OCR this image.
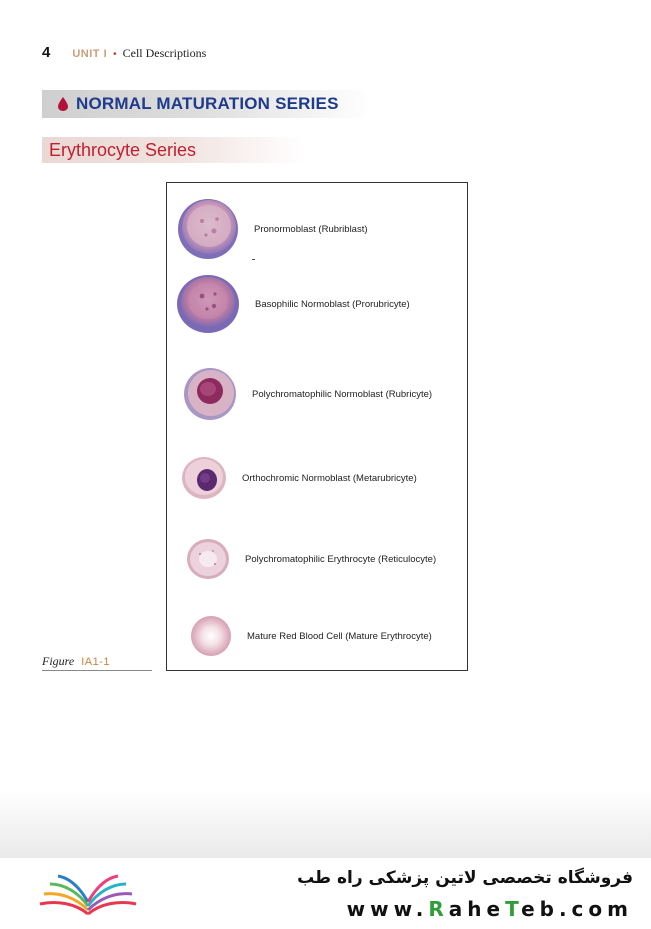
4 UNIT I • Cell Descriptions
NORMAL MATURATION SERIES
Erythrocyte Series
Pronormoblast (Rubriblast)
Basophilic Normoblast (Prorubricyte)
Polychromatophilic Normoblast (Rubricyte)
Orthochromic Normoblast (Metarubricyte)
Polychromatophilic Erythrocyte (Reticulocyte)
Mature Red Blood Cell (Mature Erythrocyte)
Figure IA1-1
فروشگاه تخصصی لاتین پزشکی راه طب
www.RaheTeb.com
